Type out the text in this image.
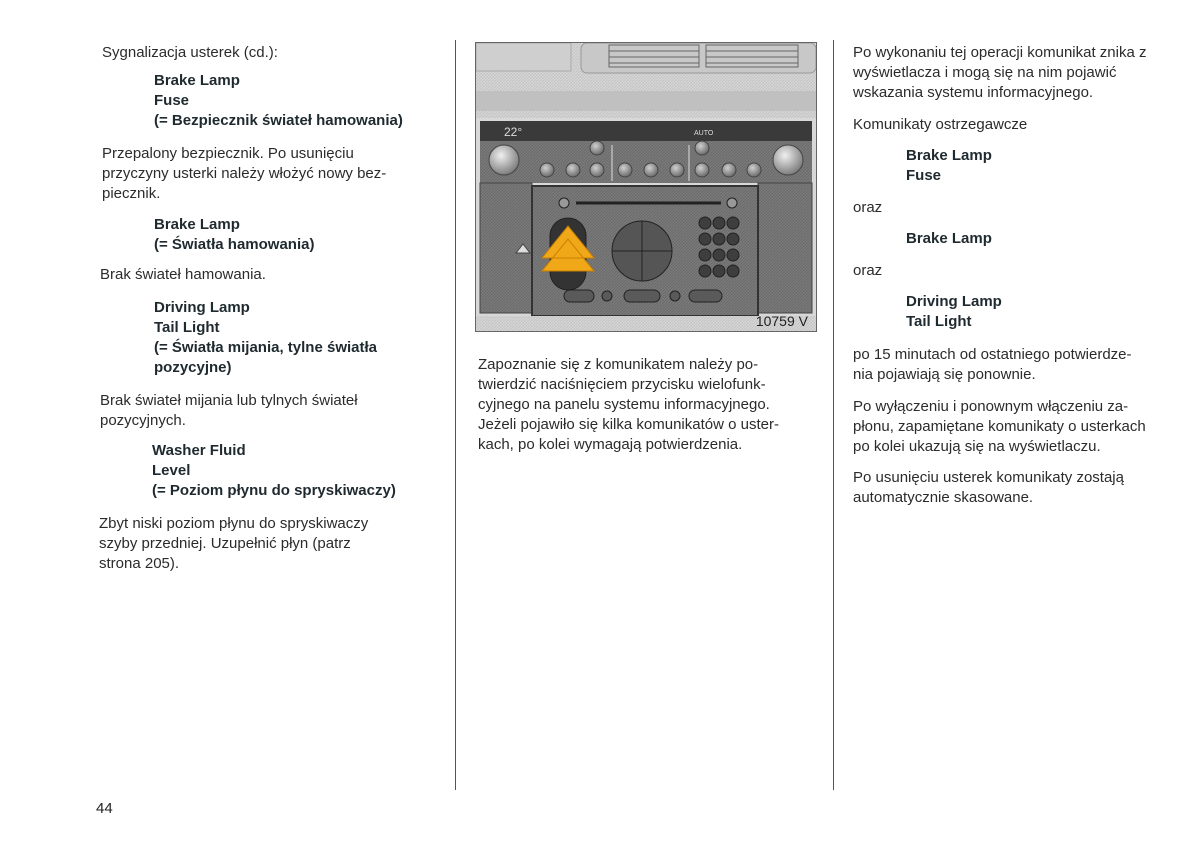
Sygnalizacja usterek (cd.):

Brake Lamp

Fuse

(= Bezpiecznik świateł hamowania)

Przepalony bezpiecznik. Po usunięciu

przyczyny usterki należy włożyć nowy bez-

piecznik.

Brake Lamp

(= Światła hamowania)

Brak świateł hamowania.

Driving Lamp

Tail Light

(= Światła mijania, tylne światła

pozycyjne)

Brak świateł mijania lub tylnych świateł

pozycyjnych.

Washer Fluid

Level

(= Poziom płynu do spryskiwaczy)

Zbyt niski poziom płynu do spryskiwaczy

szyby przedniej. Uzupełnić płyn (patrz

strona 205).

22°	AUTO
10759 V

Zapoznanie się z komunikatem należy po-

twierdzić naciśnięciem przycisku wielofunk-

cyjnego na panelu systemu informacyjnego.

Jeżeli pojawiło się kilka komunikatów o uster-

kach, po kolei wymagają potwierdzenia.

Po wykonaniu tej operacji komunikat znika z

wyświetlacza i mogą się na nim pojawić

wskazania systemu informacyjnego.

Komunikaty ostrzegawcze

Brake Lamp

Fuse

oraz

Brake Lamp

oraz

Driving Lamp

Tail Light

po 15 minutach od ostatniego potwierdze-

nia pojawiają się ponownie.

Po wyłączeniu i ponownym włączeniu za-

płonu, zapamiętane komunikaty o usterkach

po kolei ukazują się na wyświetlaczu.

Po usunięciu usterek komunikaty zostają

automatycznie skasowane.

44
